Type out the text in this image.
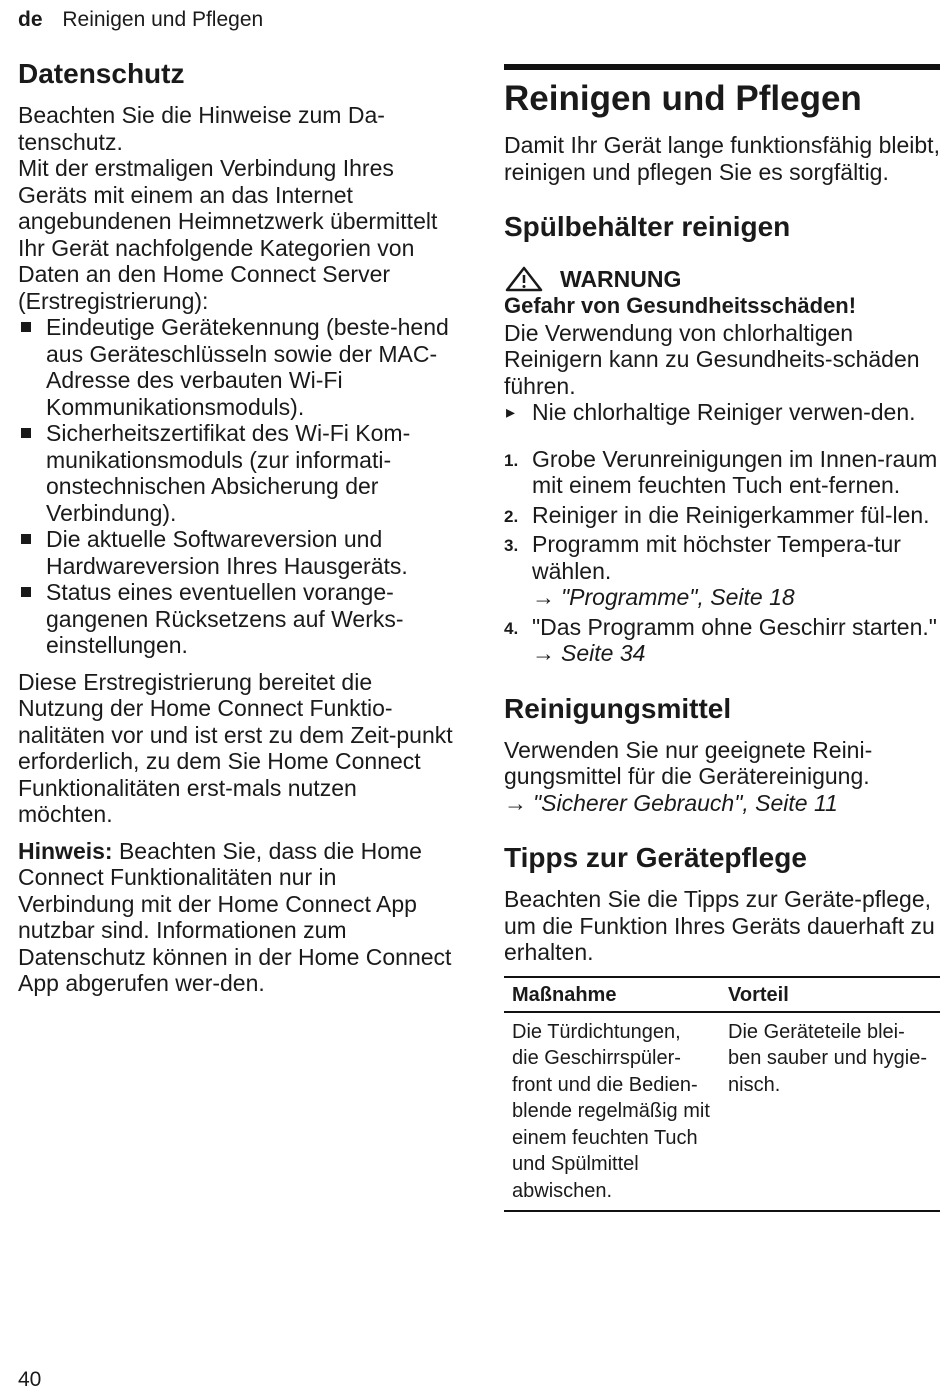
de Reinigen und Pflegen
Datenschutz

Beachten Sie die Hinweise zum Da-tenschutz.

Mit der erstmaligen Verbindung Ihres Geräts mit einem an das Internet angebundenen Heimnetzwerk übermittelt Ihr Gerät nachfolgende Kategorien von Daten an den Home Connect Server (Erstregistrierung):

Eindeutige Gerätekennung (beste-hend aus Geräteschlüsseln sowie der MAC-Adresse des verbauten Wi-Fi Kommunikationsmoduls).
Sicherheitszertifikat des Wi-Fi Kom-munikationsmoduls (zur informati-onstechnischen Absicherung der Verbindung).
Die aktuelle Softwareversion und Hardwareversion Ihres Hausgeräts.
Status eines eventuellen vorange-gangenen Rücksetzens auf Werks-einstellungen.

Diese Erstregistrierung bereitet die Nutzung der Home Connect Funktio-nalitäten vor und ist erst zu dem Zeit-punkt erforderlich, zu dem Sie Home Connect Funktionalitäten erst-mals nutzen möchten.

Hinweis: Beachten Sie, dass die Home Connect Funktionalitäten nur in Verbindung mit der Home Connect App nutzbar sind. Informationen zum Datenschutz können in der Home Connect App abgerufen wer-den.

Reinigen und Pflegen

Damit Ihr Gerät lange funktionsfähig bleibt, reinigen und pflegen Sie es sorgfältig.

Spülbehälter reinigen
WARNUNG
Gefahr von Gesundheitsschäden!

Die Verwendung von chlorhaltigen Reinigern kann zu Gesundheits-schäden führen.

▸ Nie chlorhaltige Reiniger verwen-den.
1. Grobe Verunreinigungen im Innen-raum mit einem feuchten Tuch ent-fernen.
2. Reiniger in die Reinigerkammer fül-len.
3. Programm mit höchster Tempera-tur wählen.
→ "Programme", Seite 18
4. "Das Programm ohne Geschirr starten." → Seite 34
Reinigungsmittel

Verwenden Sie nur geeignete Reini-gungsmittel für die Gerätereinigung.

→ "Sicherer Gebrauch", Seite 11

Tipps zur Gerätepflege

Beachten Sie die Tipps zur Geräte-pflege, um die Funktion Ihres Geräts dauerhaft zu erhalten.

Maßnahme	Vorteil
Die Türdichtungen, die Geschirrspüler-front und die Bedien-blende regelmäßig mit einem feuchten Tuch und Spülmittel abwischen.	Die Geräteteile blei-ben sauber und hygie-nisch.
40
